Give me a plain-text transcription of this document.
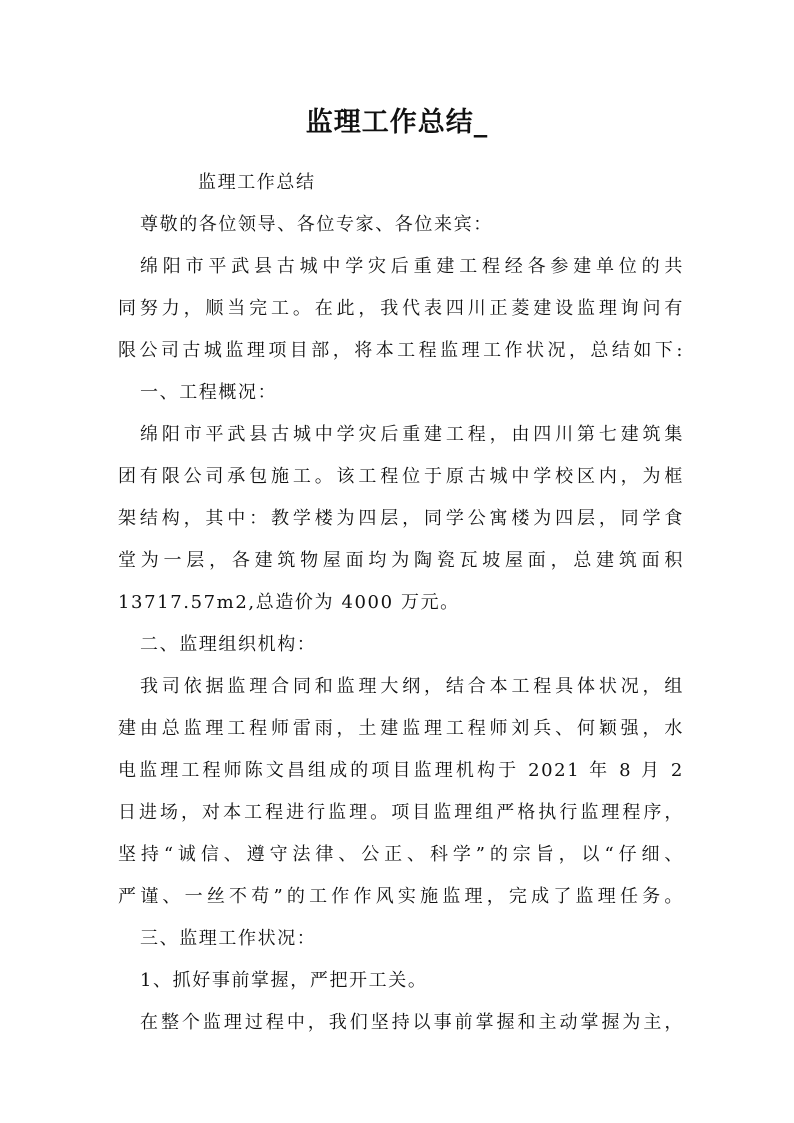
监理工作总结_
监理工作总结
尊敬的各位领导、各位专家、各位来宾：
绵阳市平武县古城中学灾后重建工程经各参建单位的共
同努力，顺当完工。在此，我代表四川正菱建设监理询问有
限公司古城监理项目部，将本工程监理工作状况，总结如下:
一、工程概况：
绵阳市平武县古城中学灾后重建工程，由四川第七建筑集
团有限公司承包施工。该工程位于原古城中学校区内，为框
架结构，其中：教学楼为四层，同学公寓楼为四层，同学食
堂为一层，各建筑物屋面均为陶瓷瓦坡屋面，总建筑面积
13717.57m2,总造价为 4000 万元。
二、监理组织机构：
我司依据监理合同和监理大纲，结合本工程具体状况，组
建由总监理工程师雷雨，土建监理工程师刘兵、何颖强，水
电监理工程师陈文昌组成的项目监理机构于 2021 年 8 月 2
日进场，对本工程进行监理。项目监理组严格执行监理程序，
坚持“诚信、遵守法律、公正、科学”的宗旨，以“仔细、
严谨、一丝不苟”的工作作风实施监理，完成了监理任务。
三、监理工作状况：
1、抓好事前掌握，严把开工关。
在整个监理过程中，我们坚持以事前掌握和主动掌握为主，
